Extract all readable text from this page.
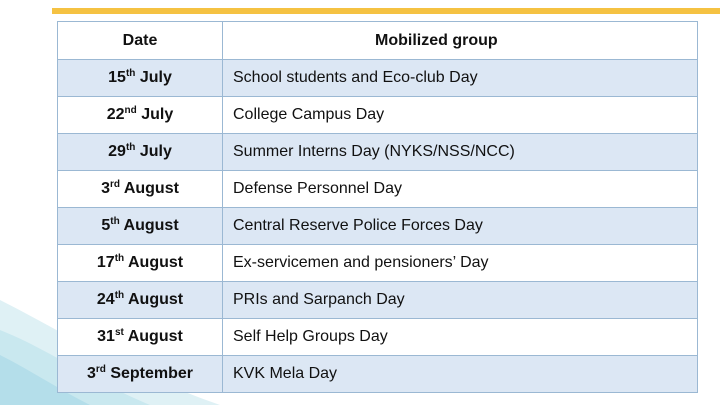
Date	Mobilized group
15th July	School students and Eco-club Day
22nd July	College Campus Day
29th July	Summer Interns Day (NYKS/NSS/NCC)
3rd August	Defense Personnel Day
5th August	Central Reserve Police Forces Day
17th August	Ex-servicemen and pensioners’ Day
24th August	PRIs and Sarpanch Day
31st August	Self Help Groups Day
3rd September	KVK Mela Day
